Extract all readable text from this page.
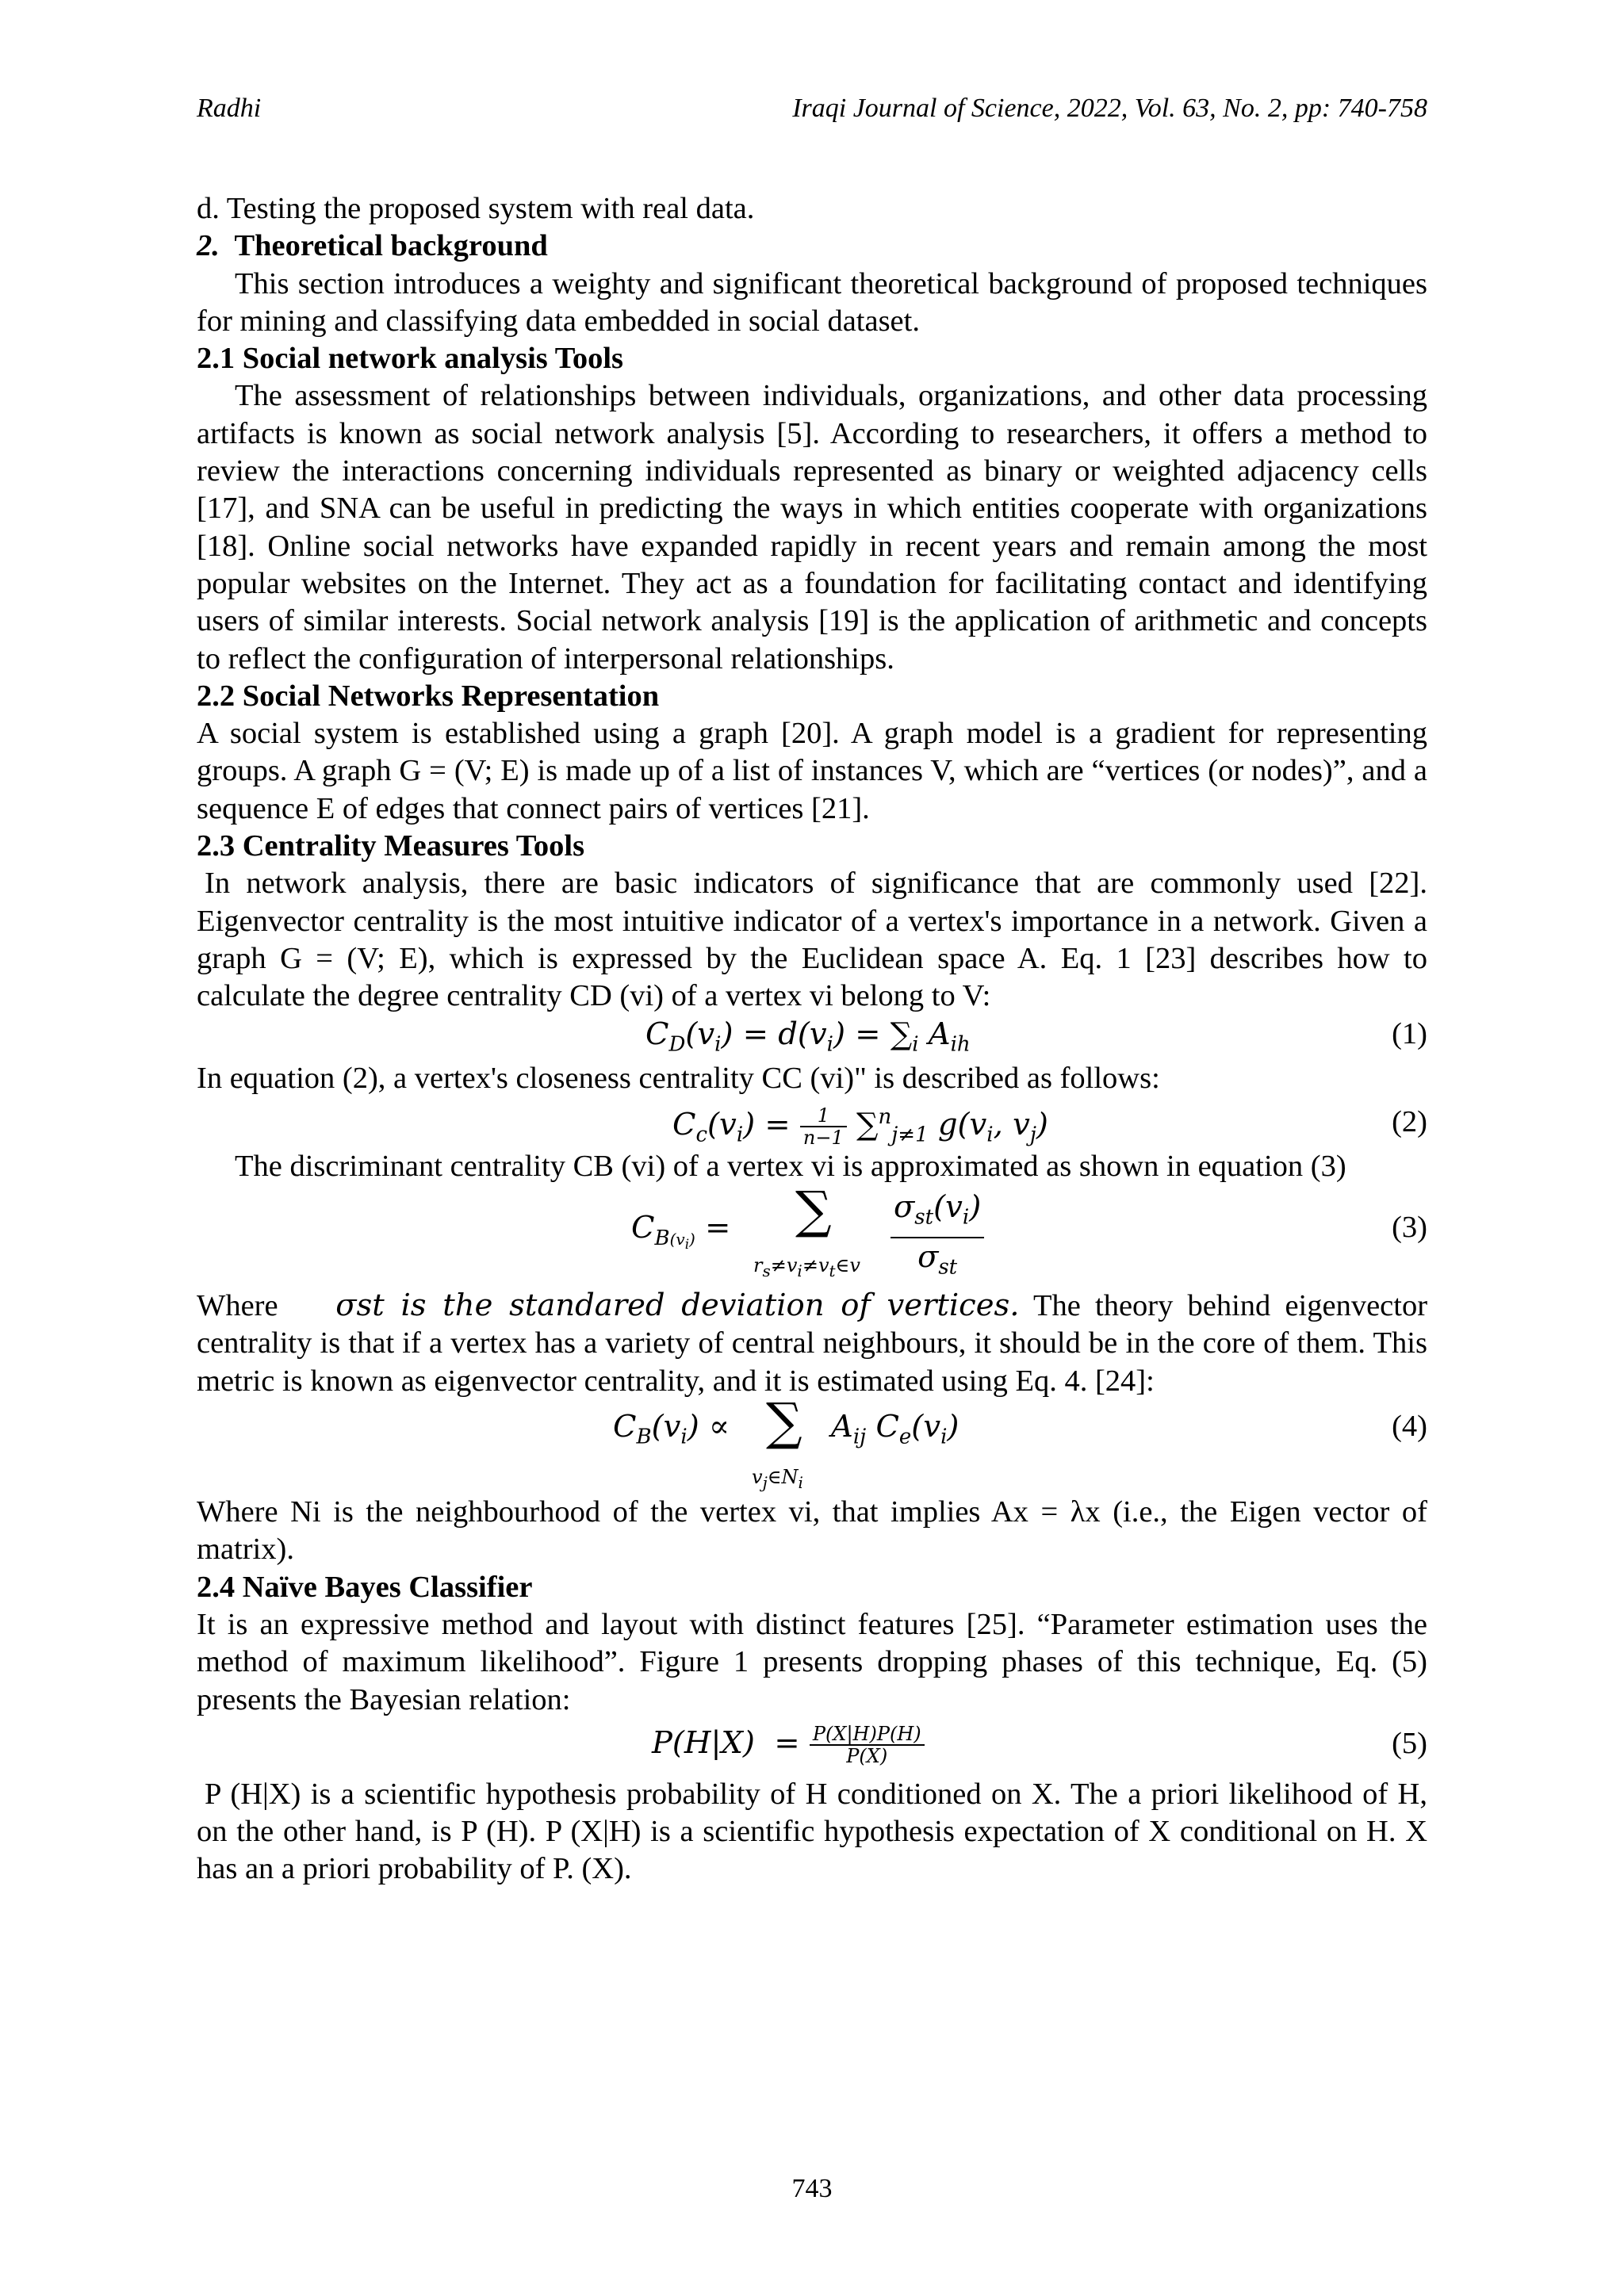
Radhi	Iraqi Journal of Science, 2022, Vol. 63, No. 2, pp: 740-758

d. Testing the proposed system with real data.

2. Theoretical background

This section introduces a weighty and significant theoretical background of proposed techniques for mining and classifying data embedded in social dataset.

2.1 Social network analysis Tools

The assessment of relationships between individuals, organizations, and other data processing artifacts is known as social network analysis [5]. According to researchers, it offers a method to review the interactions concerning individuals represented as binary or weighted adjacency cells [17], and SNA can be useful in predicting the ways in which entities cooperate with organizations [18]. Online social networks have expanded rapidly in recent years and remain among the most popular websites on the Internet. They act as a foundation for facilitating contact and identifying users of similar interests. Social network analysis [19] is the application of arithmetic and concepts to reflect the configuration of interpersonal relationships.

2.2 Social Networks Representation

A social system is established using a graph [20]. A graph model is a gradient for representing groups. A graph G = (V; E) is made up of a list of instances V, which are “vertices (or nodes)”, and a sequence E of edges that connect pairs of vertices [21].

2.3 Centrality Measures Tools

In network analysis, there are basic indicators of significance that are commonly used [22]. Eigenvector centrality is the most intuitive indicator of a vertex's importance in a network. Given a graph G = (V; E), which is expressed by the Euclidean space A. Eq. 1 [23] describes how to calculate the degree centrality CD (vi) of a vertex vi belong to V:

$C_D(v_i) = d(v_i) = \sum_i$ $A_{ih}$	(1)

In equation (2), a vertex's closeness centrality CC (vi)" is described as follows:

$C_c(v_i) = \frac{1}{n-1} \sum^n_{j\ne 1}$ $g(v_i$, $v_j$)	(2)

The discriminant centrality CB (vi) of a vertex vi is approximated as shown in equation (3)

$C_{B(v_i)}$ = ∑
$r_s\ne v_i\ne v_t\in v$
$\sigma_{st}(v_i)$
$\sigma_{st}$
(3)

Where σst is the standared deviation of vertices. The theory behind eigenvector centrality is that if a vertex has a variety of central neighbours, it should be in the core of them. This metric is known as eigenvector centrality, and it is estimated using Eq. 4. [24]:

$C_B(v_i)$ ∝ ∑
$v_j\in N_i$
$A_{ij}$ $C_e(v_i)$	(4)

Where Ni is the neighbourhood of the vertex vi, that implies Ax = λx (i.e., the Eigen vector of matrix).

2.4 Naïve Bayes Classifier

It is an expressive method and layout with distinct features [25]. “Parameter estimation uses the method of maximum likelihood”. Figure 1 presents dropping phases of this technique, Eq. (5) presents the Bayesian relation:

$P(H|X) = \frac{P(X|H)P(H)}{P(X)}$	(5)

P (H|X) is a scientific hypothesis probability of H conditioned on X. The a priori likelihood of H, on the other hand, is P (H). P (X|H) is a scientific hypothesis expectation of X conditional on H. X has an a priori probability of P. (X).

743
